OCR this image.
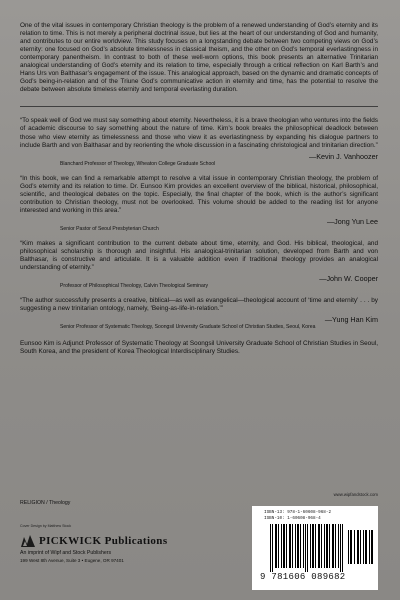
One of the vital issues in contemporary Christian theology is the problem of a renewed understanding of God’s eternity and its relation to time. This is not merely a peripheral doctrinal issue, but lies at the heart of our understanding of God and humanity, and contributes to our entire worldview. This study focuses on a longstanding debate between two competing views on God’s eternity: one focused on God’s absolute timelessness in classical theism, and the other on God’s temporal everlastingness in contemporary panentheism. In contrast to both of these well-worn options, this book presents an alternative Trinitarian analogical understanding of God’s eternity and its relation to time, especially through a critical reflection on Karl Barth’s and Hans Urs von Balthasar’s engagement of the issue. This analogical approach, based on the dynamic and dramatic concepts of God’s being-in-relation and of the Triune God’s communicative action in eternity and time, has the potential to resolve the debate between absolute timeless eternity and temporal everlasting duration.

“To speak well of God we must say something about eternity. Nevertheless, it is a brave theologian who ventures into the fields of academic discourse to say something about the nature of time. Kim’s book breaks the philosophical deadlock between those who view eternity as timelessness and those who view it as everlastingness by expanding his dialogue partners to include Barth and von Balthasar and by reorienting the whole discussion in a fascinating christological and trinitarian direction.”

—Kevin J. Vanhoozer
Blanchard Professor of Theology, Wheaton College Graduate School

“In this book, we can find a remarkable attempt to resolve a vital issue in contemporary Christian theology, the problem of God’s eternity and its relation to time. Dr. Eunsoo Kim provides an excellent overview of the biblical, historical, philosophical, scientific, and theological debates on the topic. Especially, the final chapter of the book, which is the author’s significant contribution to Christian theology, must not be overlooked. This volume should be added to the reading list for anyone interested and working in this area.”

—Jong Yun Lee
Senior Pastor of Seoul Presbyterian Church

“Kim makes a significant contribution to the current debate about time, eternity, and God. His biblical, theological, and philosophical scholarship is thorough and insightful. His analogical-trinitarian solution, developed from Barth and von Balthasar, is constructive and articulate. It is a valuable addition even if traditional theology provides an analogical understanding of eternity.”

—John W. Cooper
Professor of Philosophical Theology, Calvin Theological Seminary

“The author successfully presents a creative, biblical—as well as evangelical—theological account of ‘time and eternity’ . . . by suggesting a new trinitarian ontology, namely, ‘Being-as-life-in-relation.’”

—Yung Han Kim
Senior Professor of Systematic Theology, Soongsil University Graduate School of Christian Studies, Seoul, Korea

Eunsoo Kim is Adjunct Professor of Systematic Theology at Soongsil University Graduate School of Christian Studies in Seoul, South Korea, and the president of Korea Theological Interdisciplinary Studies.

RELIGION / Theology
Cover Design by Matthew Stock
PICKWICK Publications
An imprint of Wipf and Stock Publishers
199 West 8th Avenue, Suite 3 • Eugene, OR 97401
www.wipfandstock.com
ISBN-13: 978-1-60608-968-2
ISBN-10: 1-60608-968-4
9 781606 089682
